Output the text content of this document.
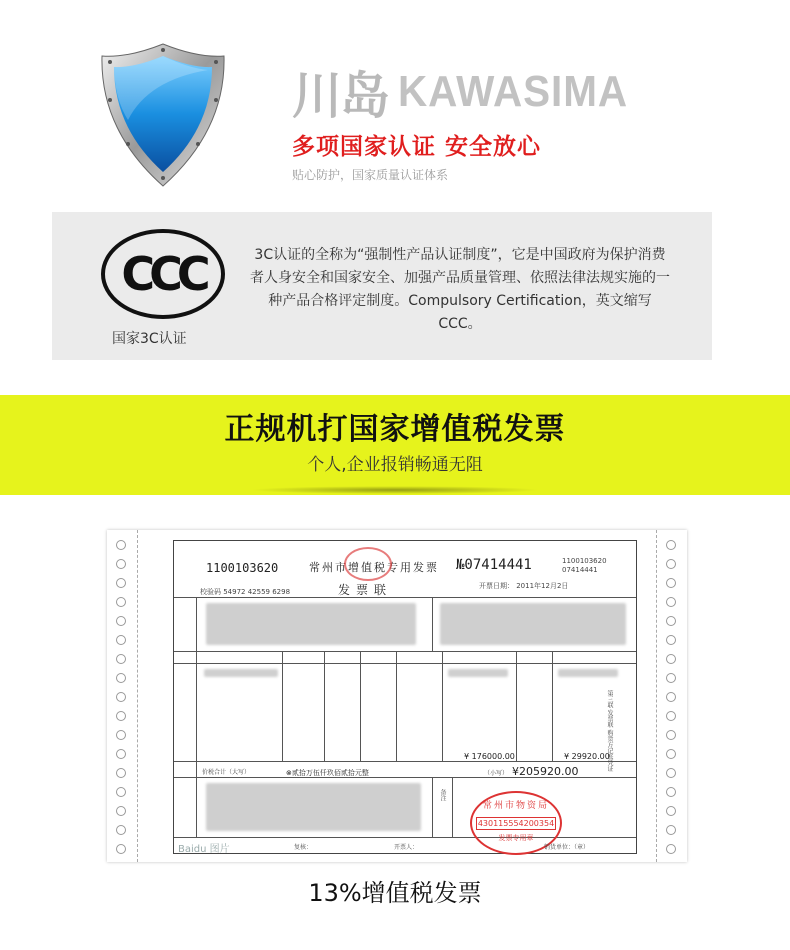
川岛 KAWASIMA
多项国家认证 安全放心
贴心防护，国家质量认证体系
CCC
国家3C认证
3C认证的全称为“强制性产品认证制度”，它是中国政府为保护消费者人身安全和国家安全、加强产品质量管理、依照法律法规实施的一种产品合格评定制度。Compulsory Certification，英文缩写CCC。
正规机打国家增值税发票
个人,企业报销畅通无阻
1100103620	常州市增值税专用发票 №07414441	1100103620
07414441
校验码 54972 42559 6298	发票联	开票日期： 2011年12月2日
¥ 176000.00	¥ 29920.00
价税合计（大写）	⊗贰拾万伍仟玖佰贰拾元整	（小写） ¥205920.00
备注
常州市物资局
430115554200354
发票专用章
复核：	开票人：	销货单位：（章）
第三联 发票联 购货方记账凭证
Baidu 图片
13%增值税发票
